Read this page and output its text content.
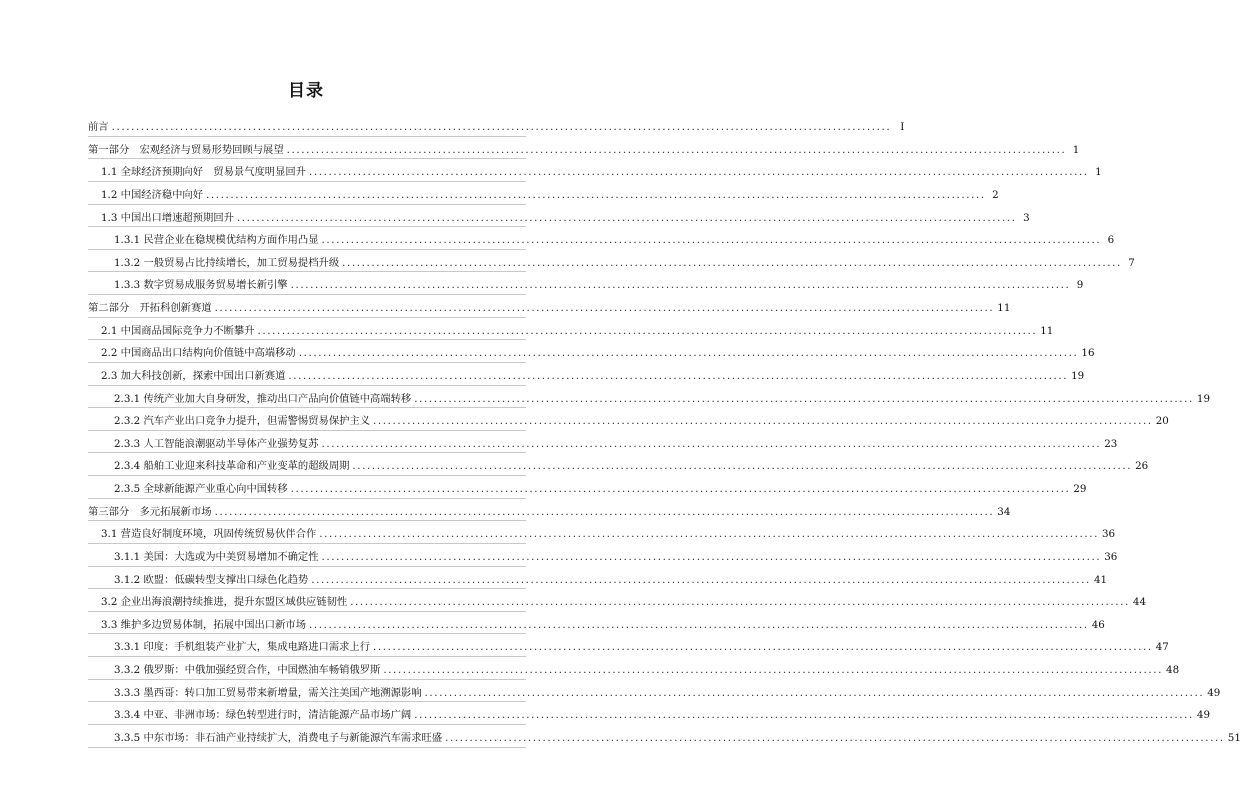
目录
前言 ................................................................................................................................................................ I
第一部分　宏观经济与贸易形势回顾与展望 ................................................................................................................................................................ 1
1.1 全球经济预期向好　贸易景气度明显回升 ................................................................................................................................................................ 1
1.2 中国经济稳中向好 ................................................................................................................................................................ 2
1.3 中国出口增速超预期回升 ................................................................................................................................................................ 3
1.3.1 民营企业在稳规模优结构方面作用凸显 ................................................................................................................................................................ 6
1.3.2 一般贸易占比持续增长，加工贸易提档升级 ................................................................................................................................................................ 7
1.3.3 数字贸易成服务贸易增长新引擎 ................................................................................................................................................................ 9
第二部分　开拓科创新赛道 ................................................................................................................................................................ 11
2.1 中国商品国际竞争力不断攀升 ................................................................................................................................................................ 11
2.2 中国商品出口结构向价值链中高端移动 ................................................................................................................................................................ 16
2.3 加大科技创新，探索中国出口新赛道 ................................................................................................................................................................ 19
2.3.1 传统产业加大自身研发，推动出口产品向价值链中高端转移 ................................................................................................................................................................ 19
2.3.2 汽车产业出口竞争力提升，但需警惕贸易保护主义 ................................................................................................................................................................ 20
2.3.3 人工智能浪潮驱动半导体产业强势复苏 ................................................................................................................................................................ 23
2.3.4 船舶工业迎来科技革命和产业变革的超级周期 ................................................................................................................................................................ 26
2.3.5 全球新能源产业重心向中国转移 ................................................................................................................................................................ 29
第三部分　多元拓展新市场 ................................................................................................................................................................ 34
3.1 营造良好制度环境，巩固传统贸易伙伴合作 ................................................................................................................................................................ 36
3.1.1 美国：大选或为中美贸易增加不确定性 ................................................................................................................................................................ 36
3.1.2 欧盟：低碳转型支撑出口绿色化趋势 ................................................................................................................................................................ 41
3.2 企业出海浪潮持续推进，提升东盟区域供应链韧性 ................................................................................................................................................................ 44
3.3 维护多边贸易体制，拓展中国出口新市场 ................................................................................................................................................................ 46
3.3.1 印度：手机组装产业扩大，集成电路进口需求上行 ................................................................................................................................................................ 47
3.3.2 俄罗斯：中俄加强经贸合作，中国燃油车畅销俄罗斯 ................................................................................................................................................................ 48
3.3.3 墨西哥：转口加工贸易带来新增量，需关注美国产地溯源影响 ................................................................................................................................................................ 49
3.3.4 中亚、非洲市场：绿色转型进行时，清洁能源产品市场广阔 ................................................................................................................................................................ 49
3.3.5 中东市场：非石油产业持续扩大，消费电子与新能源汽车需求旺盛 ................................................................................................................................................................ 51
